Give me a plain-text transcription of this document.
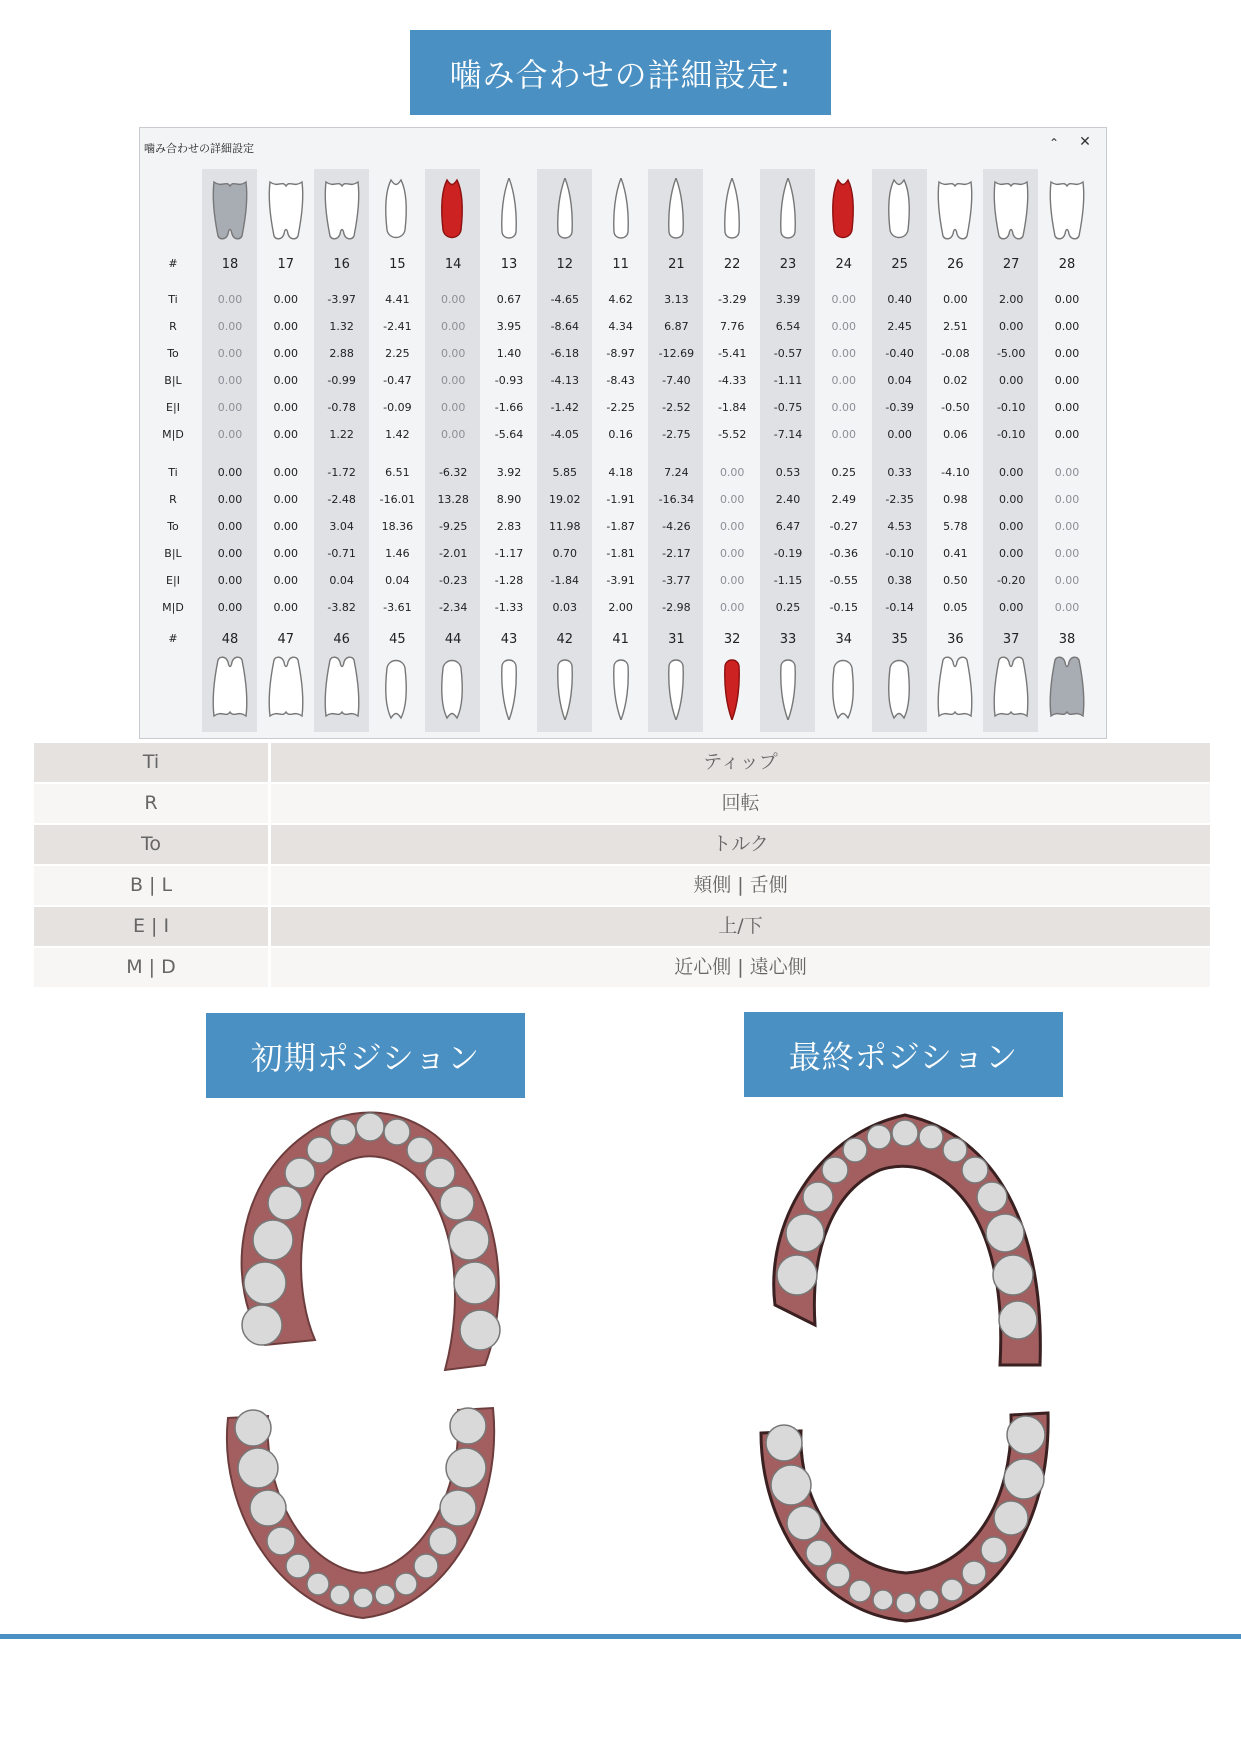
噛み合わせの詳細設定:
噛み合わせの詳細設定	⌃ ✕
#	18	17	16	15	14	13	12	11	21	22	23	24	25	26	27	28
Ti	0.00	0.00	-3.97	4.41	0.00	0.67	-4.65	4.62	3.13	-3.29	3.39	0.00	0.40	0.00	2.00	0.00
R	0.00	0.00	1.32	-2.41	0.00	3.95	-8.64	4.34	6.87	7.76	6.54	0.00	2.45	2.51	0.00	0.00
To	0.00	0.00	2.88	2.25	0.00	1.40	-6.18	-8.97	-12.69	-5.41	-0.57	0.00	-0.40	-0.08	-5.00	0.00
B|L	0.00	0.00	-0.99	-0.47	0.00	-0.93	-4.13	-8.43	-7.40	-4.33	-1.11	0.00	0.04	0.02	0.00	0.00
E|I	0.00	0.00	-0.78	-0.09	0.00	-1.66	-1.42	-2.25	-2.52	-1.84	-0.75	0.00	-0.39	-0.50	-0.10	0.00
M|D	0.00	0.00	1.22	1.42	0.00	-5.64	-4.05	0.16	-2.75	-5.52	-7.14	0.00	0.00	0.06	-0.10	0.00
#	48	47	46	45	44	43	42	41	31	32	33	34	35	36	37	38
Ti	0.00	0.00	-1.72	6.51	-6.32	3.92	5.85	4.18	7.24	0.00	0.53	0.25	0.33	-4.10	0.00	0.00
R	0.00	0.00	-2.48	-16.01	13.28	8.90	19.02	-1.91	-16.34	0.00	2.40	2.49	-2.35	0.98	0.00	0.00
To	0.00	0.00	3.04	18.36	-9.25	2.83	11.98	-1.87	-4.26	0.00	6.47	-0.27	4.53	5.78	0.00	0.00
B|L	0.00	0.00	-0.71	1.46	-2.01	-1.17	0.70	-1.81	-2.17	0.00	-0.19	-0.36	-0.10	0.41	0.00	0.00
E|I	0.00	0.00	0.04	0.04	-0.23	-1.28	-1.84	-3.91	-3.77	0.00	-1.15	-0.55	0.38	0.50	-0.20	0.00
M|D	0.00	0.00	-3.82	-3.61	-2.34	-1.33	0.03	2.00	-2.98	0.00	0.25	-0.15	-0.14	0.05	0.00	0.00
Ti	ティップ
R	回転
To	トルク
B | L	頬側 | 舌側
E | I	上/下
M | D	近心側 | 遠心側
初期ポジション	最終ポジション
